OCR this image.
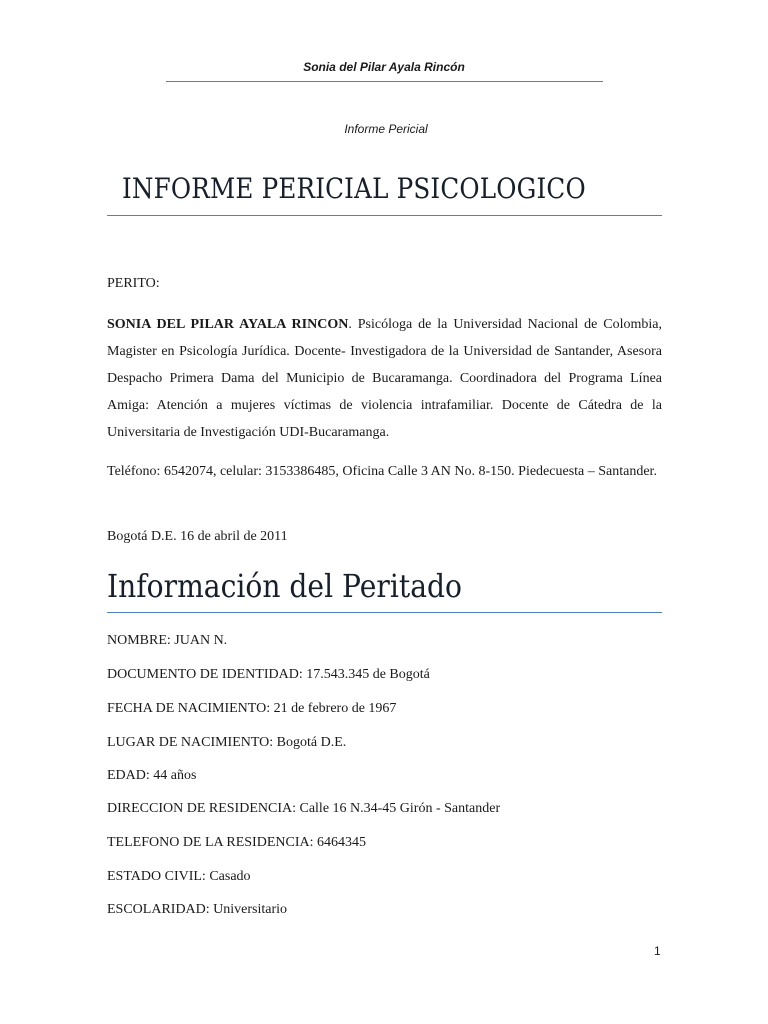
Sonia del Pilar Ayala Rincón
Informe Pericial
INFORME PERICIAL PSICOLOGICO
PERITO:
SONIA DEL PILAR AYALA RINCON. Psicóloga de la Universidad Nacional de Colombia, Magister en Psicología Jurídica. Docente- Investigadora de la Universidad de Santander, Asesora Despacho Primera Dama del Municipio de Bucaramanga. Coordinadora del Programa Línea Amiga: Atención a mujeres víctimas de violencia intrafamiliar. Docente de Cátedra de la Universitaria de Investigación UDI-Bucaramanga.
Teléfono: 6542074, celular: 3153386485, Oficina Calle 3 AN No. 8-150. Piedecuesta – Santander.
Bogotá D.E. 16 de abril de 2011
Información del Peritado
NOMBRE: JUAN N.
DOCUMENTO DE IDENTIDAD: 17.543.345 de Bogotá
FECHA DE NACIMIENTO: 21 de febrero de 1967
LUGAR DE NACIMIENTO: Bogotá D.E.
EDAD: 44 años
DIRECCION DE RESIDENCIA: Calle 16 N.34-45 Girón - Santander
TELEFONO DE LA RESIDENCIA: 6464345
ESTADO CIVIL: Casado
ESCOLARIDAD: Universitario
1
